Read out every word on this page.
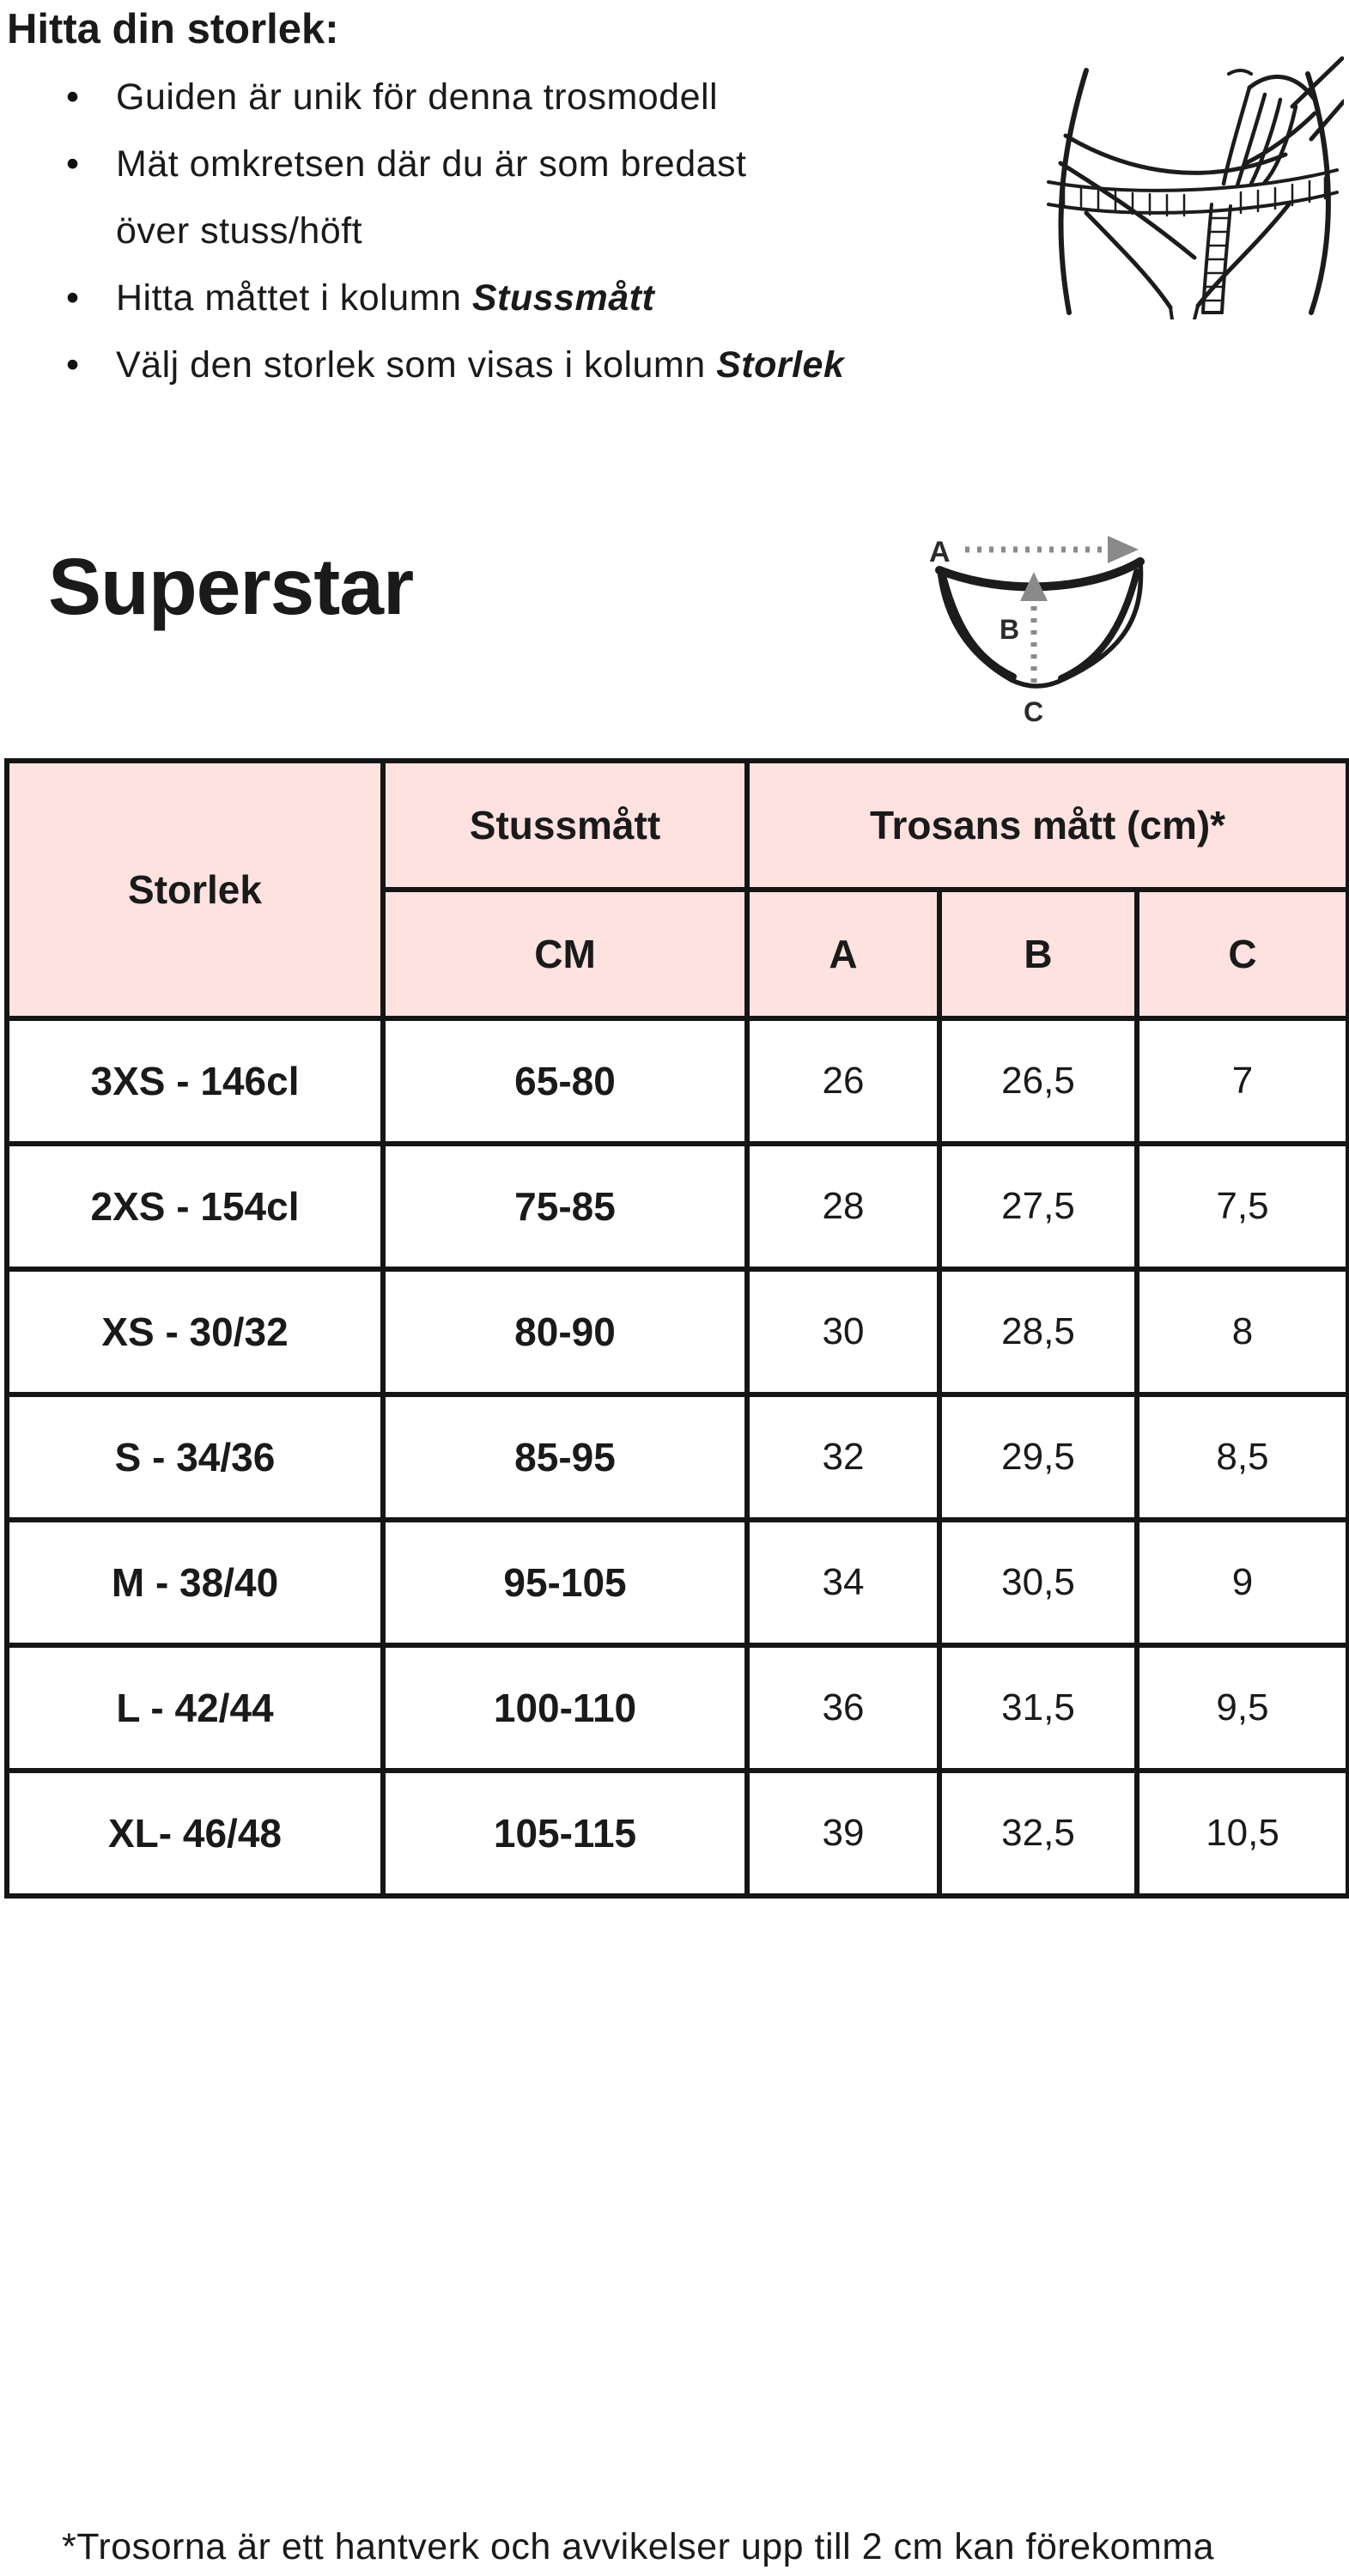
Hitta din storlek:
• Guiden är unik för denna trosmodell
• Mät omkretsen där du är som bredast
över stuss/höft
• Hitta måttet i kolumn Stussmått
• Välj den storlek som visas i kolumn Storlek
Superstar	A
B
C
Storlek	Stussmått	Trosans mått (cm)*		
	CM	A	B	C
3XS - 146cl	65-80	26	26,5	7
2XS - 154cl	75-85	28	27,5	7,5
XS - 30/32	80-90	30	28,5	8
S - 34/36	85-95	32	29,5	8,5
M - 38/40	95-105	34	30,5	9
L - 42/44	100-110	36	31,5	9,5
XL- 46/48	105-115	39	32,5	10,5
*Trosorna är ett hantverk och avvikelser upp till 2 cm kan förekomma
